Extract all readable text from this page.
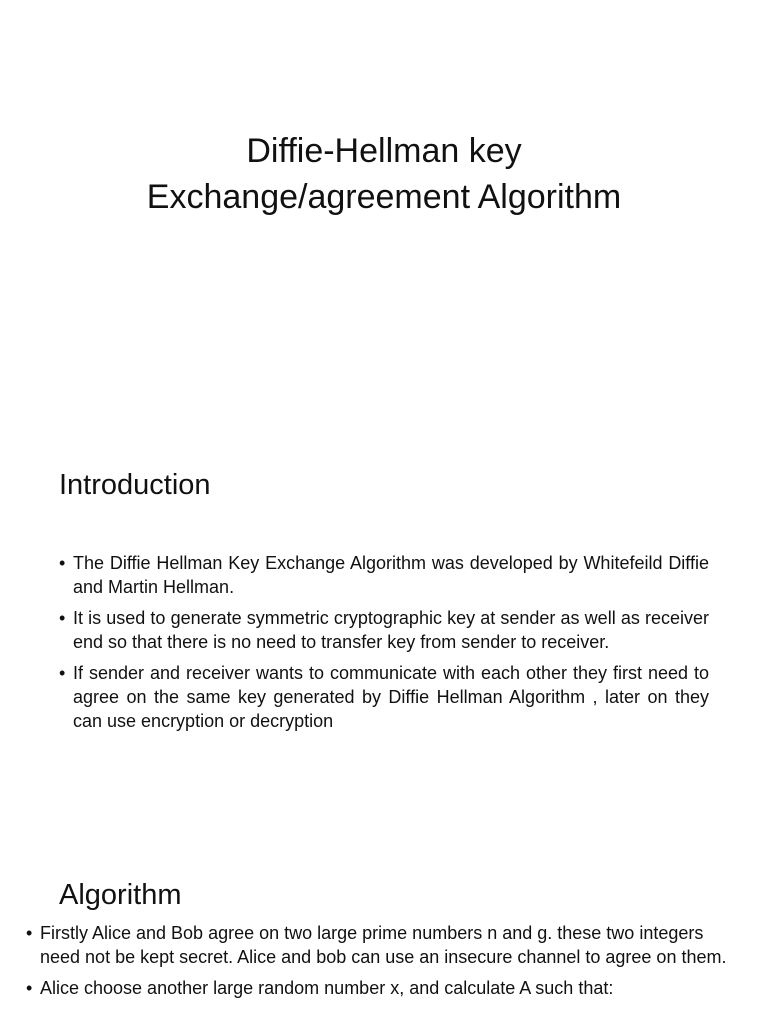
Diffie-Hellman key
Exchange/agreement Algorithm
Introduction
• The Diffie Hellman Key Exchange Algorithm was developed by Whitefeild Diffie and Martin Hellman.
• It is used to generate symmetric cryptographic key at sender as well as receiver end so that there is no need to transfer key from sender to receiver.
• If sender and receiver wants to communicate with each other they first need to agree on the same key generated by Diffie Hellman Algorithm , later on they can use encryption or decryption
Algorithm
• Firstly Alice and Bob agree on two large prime numbers n and g. these two integers need not be kept secret. Alice and bob can use an insecure channel to agree on them.
• Alice choose another large random number x, and calculate A such that:
